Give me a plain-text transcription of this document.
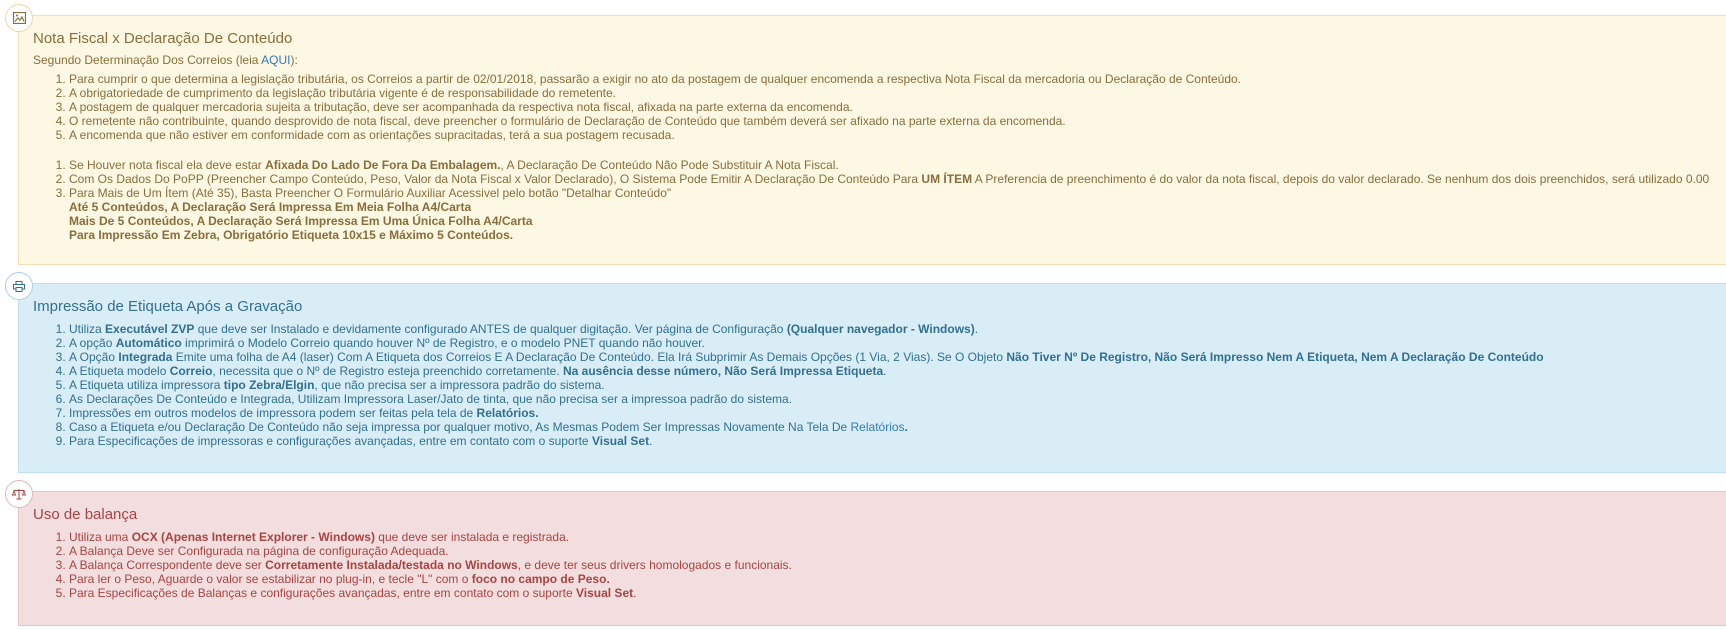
Nota Fiscal x Declaração De Conteúdo

Segundo Determinação Dos Correios (leia AQUI):

1. Para cumprir o que determina a legislação tributária, os Correios a partir de 02/01/2018, passarão a exigir no ato da postagem de qualquer encomenda a respectiva Nota Fiscal da mercadoria ou Declaração de Conteúdo.
2. A obrigatoriedade de cumprimento da legislação tributária vigente é de responsabilidade do remetente.
3. A postagem de qualquer mercadoria sujeita a tributação, deve ser acompanhada da respectiva nota fiscal, afixada na parte externa da encomenda.
4. O remetente não contribuinte, quando desprovido de nota fiscal, deve preencher o formulário de Declaração de Conteúdo que também deverá ser afixado na parte externa da encomenda.
5. A encomenda que não estiver em conformidade com as orientações supracitadas, terá a sua postagem recusada.
1. Se Houver nota fiscal ela deve estar Afixada Do Lado De Fora Da Embalagem., A Declaração De Conteúdo Não Pode Substituir A Nota Fiscal.
2. Com Os Dados Do PoPP (Preencher Campo Conteúdo, Peso, Valor da Nota Fiscal x Valor Declarado), O Sistema Pode Emitir A Declaração De Conteúdo Para UM ÍTEM A Preferencia de preenchimento é do valor da nota fiscal, depois do valor declarado. Se nenhum dos dois preenchidos, será utilizado 0.00
3. Para Mais de Um Ítem (Até 35), Basta Preencher O Formulário Auxiliar Acessivel pelo botão "Detalhar Conteúdo"
Até 5 Conteúdos, A Declaração Será Impressa Em Meia Folha A4/Carta
Mais De 5 Conteúdos, A Declaração Será Impressa Em Uma Única Folha A4/Carta
Para Impressão Em Zebra, Obrigatório Etiqueta 10x15 e Máximo 5 Conteúdos.
Impressão de Etiqueta Após a Gravação
1. Utiliza Executável ZVP que deve ser Instalado e devidamente configurado ANTES de qualquer digitação. Ver página de Configuração (Qualquer navegador - Windows).
2. A opção Automático imprimirá o Modelo Correio quando houver Nº de Registro, e o modelo PNET quando não houver.
3. A Opção Integrada Emite uma folha de A4 (laser) Com A Etiqueta dos Correios E A Declaração De Conteúdo. Ela Irá Subprimir As Demais Opções (1 Via, 2 Vias). Se O Objeto Não Tiver Nº De Registro, Não Será Impresso Nem A Etiqueta, Nem A Declaração De Conteúdo
4. A Etiqueta modelo Correio, necessita que o Nº de Registro esteja preenchido corretamente. Na ausência desse número, Não Será Impressa Etiqueta.
5. A Etiqueta utiliza impressora tipo Zebra/Elgin, que não precisa ser a impressora padrão do sistema.
6. As Declarações De Conteúdo e Integrada, Utilizam Impressora Laser/Jato de tinta, que não precisa ser a impressoa padrão do sistema.
7. Impressões em outros modelos de impressora podem ser feitas pela tela de Relatórios.
8. Caso a Etiqueta e/ou Declaração De Conteúdo não seja impressa por qualquer motivo, As Mesmas Podem Ser Impressas Novamente Na Tela De Relatórios.
9. Para Especificações de impressoras e configurações avançadas, entre em contato com o suporte Visual Set.
Uso de balança
1. Utiliza uma OCX (Apenas Internet Explorer - Windows) que deve ser instalada e registrada.
2. A Balança Deve ser Configurada na página de configuração Adequada.
3. A Balança Correspondente deve ser Corretamente Instalada/testada no Windows, e deve ter seus drivers homologados e funcionais.
4. Para ler o Peso, Aguarde o valor se estabilizar no plug-in, e tecle "L" com o foco no campo de Peso.
5. Para Especificações de Balanças e configurações avançadas, entre em contato com o suporte Visual Set.
